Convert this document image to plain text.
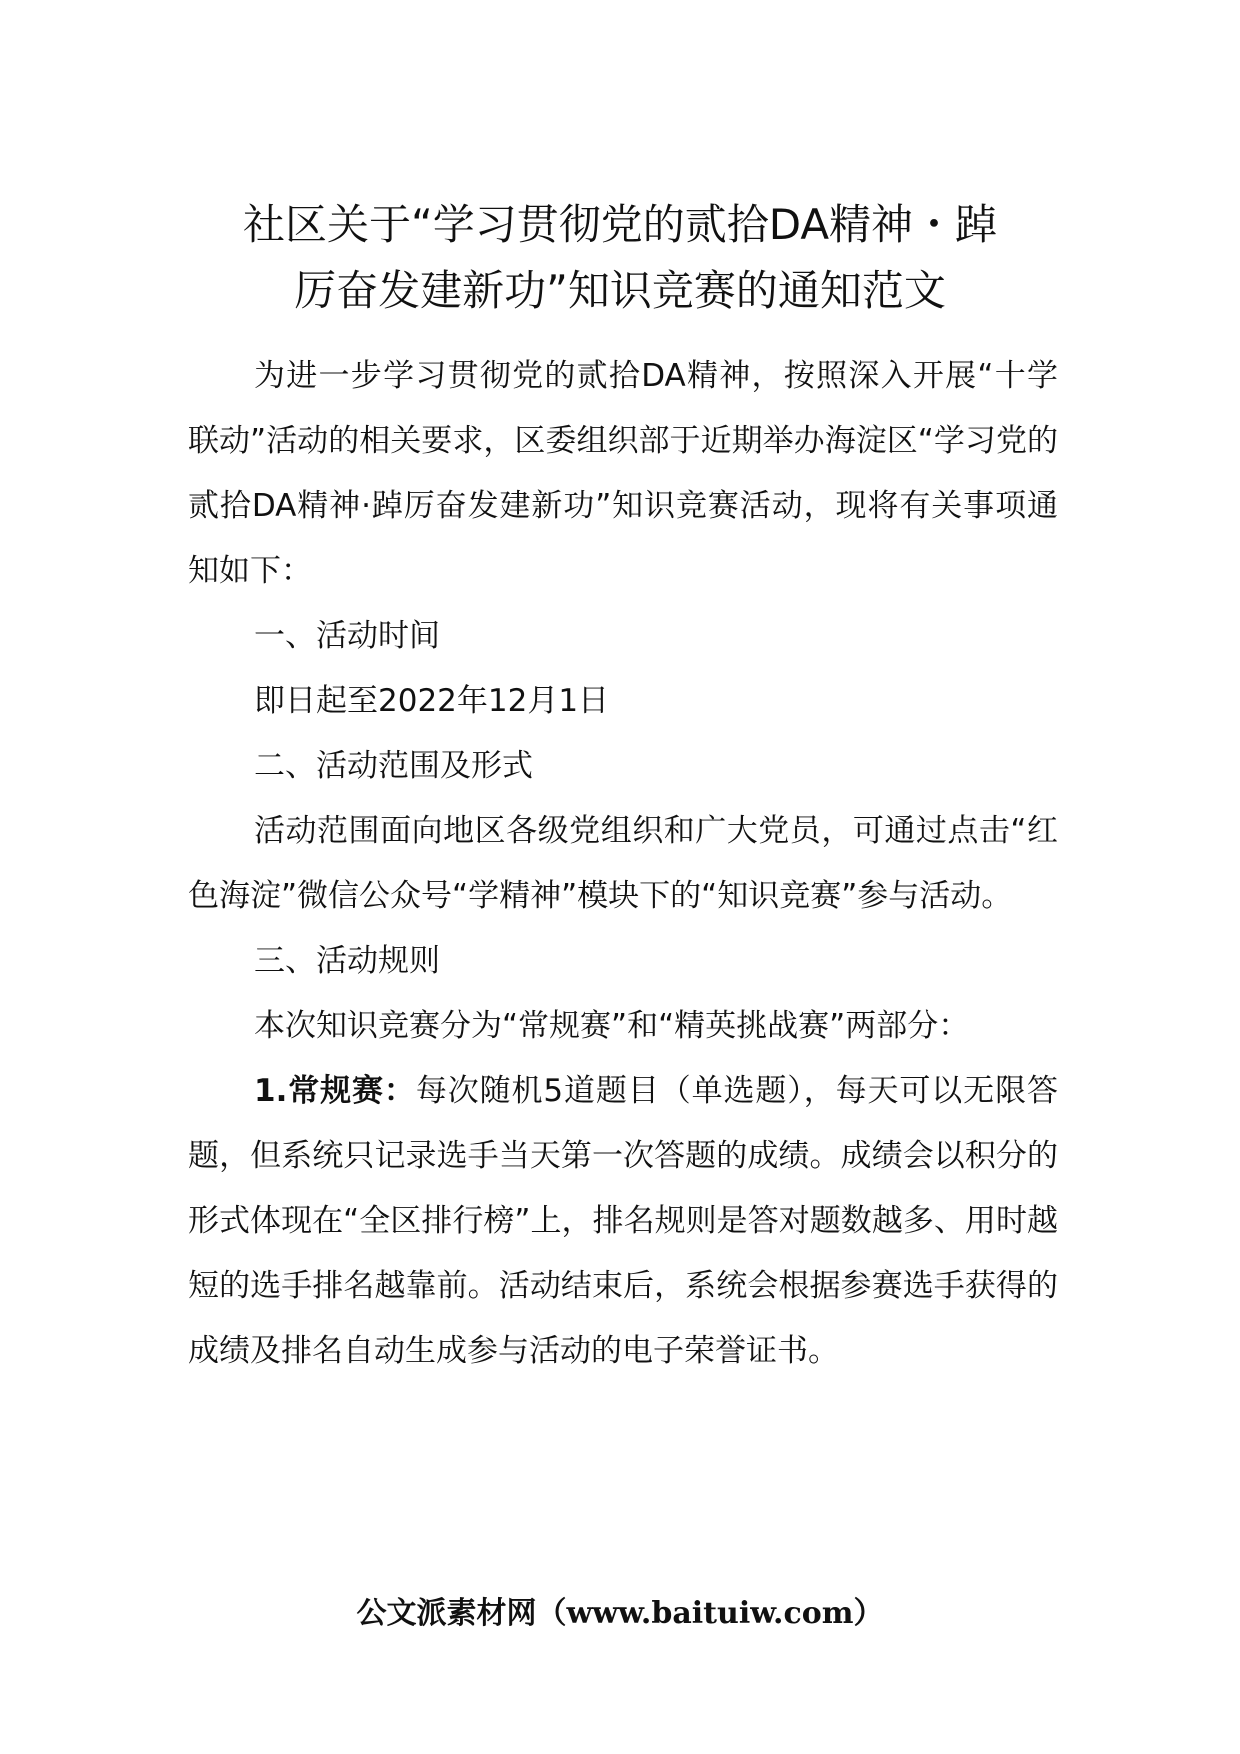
社区关于“学习贯彻党的贰拾DA精神・踔
厉奋发建新功”知识竞赛的通知范文

为进一步学习贯彻党的贰拾DA精神，按照深入开展“十学联动”活动的相关要求，区委组织部于近期举办海淀区“学习党的贰拾DA精神·踔厉奋发建新功”知识竞赛活动，现将有关事项通知如下：

一、活动时间

即日起至2022年12月1日

二、活动范围及形式

活动范围面向地区各级党组织和广大党员，可通过点击“红色海淀”微信公众号“学精神”模块下的“知识竞赛”参与活动。

三、活动规则

本次知识竞赛分为“常规赛”和“精英挑战赛”两部分：

1.常规赛：每次随机5道题目（单选题），每天可以无限答题，但系统只记录选手当天第一次答题的成绩。成绩会以积分的形式体现在“全区排行榜”上，排名规则是答对题数越多、用时越短的选手排名越靠前。活动结束后，系统会根据参赛选手获得的成绩及排名自动生成参与活动的电子荣誉证书。

公文派素材网（www.baituiw.com）
